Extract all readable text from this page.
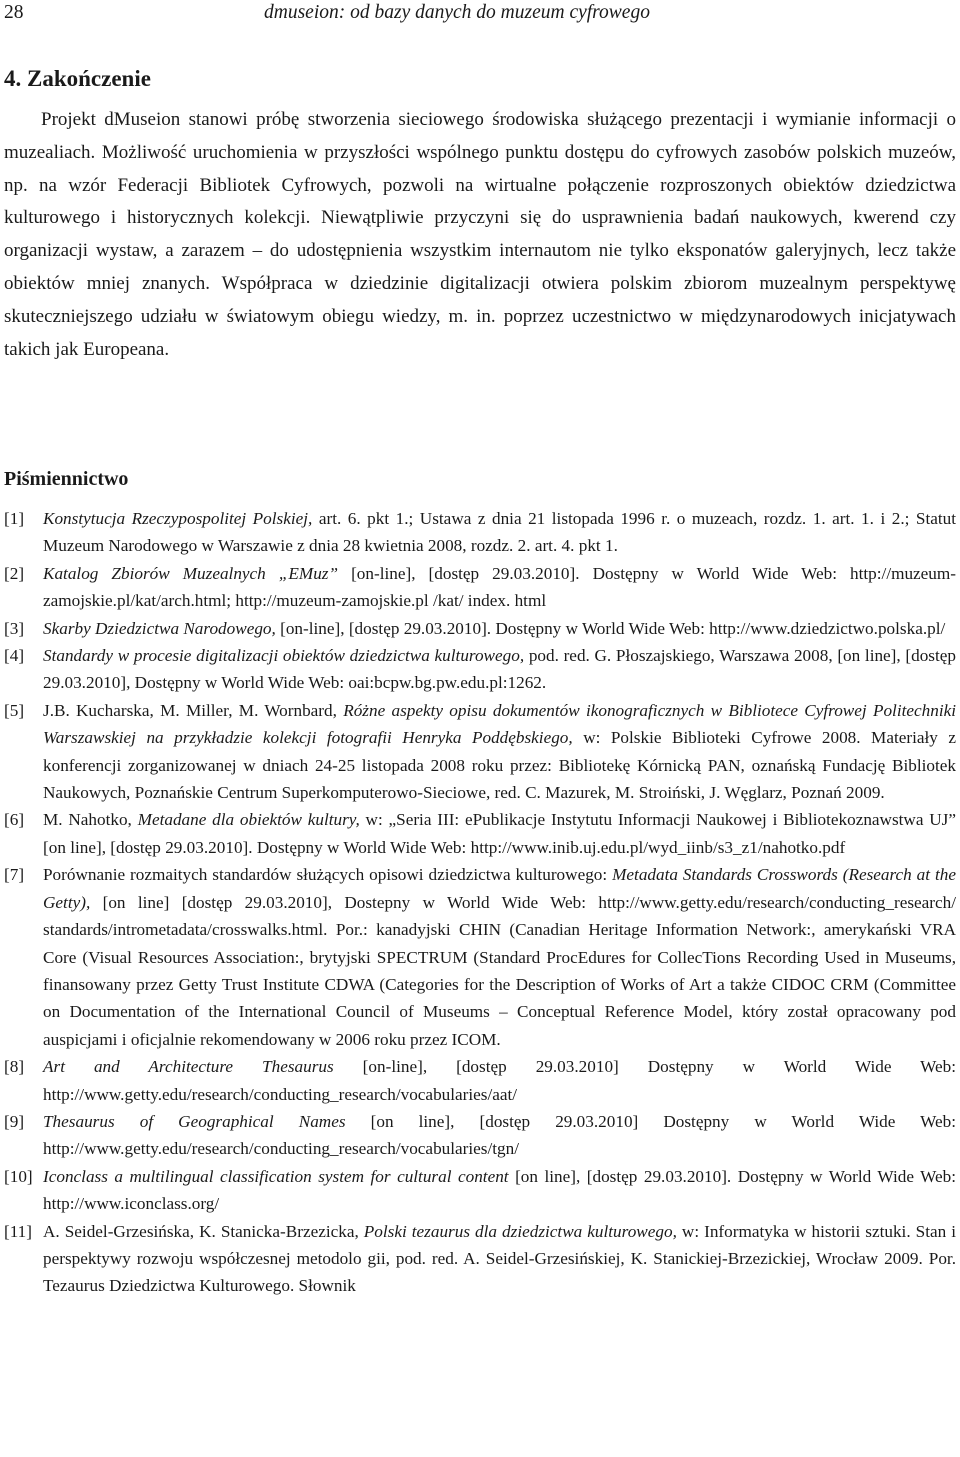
28	dmuseion: od bazy danych do muzeum cyfrowego
4. Zakończenie

Projekt dMuseion stanowi próbę stworzenia sieciowego środowiska służącego prezentacji i wymianie informacji o muzealiach. Możliwość uruchomienia w przyszłości wspólnego punktu dostępu do cyfrowych zasobów polskich muzeów, np. na wzór Federacji Bibliotek Cyfrowych, pozwoli na wirtualne połączenie rozproszonych obiektów dziedzictwa kulturowego i historycznych kolekcji. Niewątpliwie przyczyni się do usprawnienia badań naukowych, kwerend czy organizacji wystaw, a zarazem – do udostępnienia wszystkim internautom nie tylko eksponatów galeryjnych, lecz także obiektów mniej znanych. Współpraca w dziedzinie digitalizacji otwiera polskim zbiorom muzealnym perspektywę skuteczniejszego udziału w światowym obiegu wiedzy, m. in. poprzez uczestnictwo w międzynarodowych inicjatywach takich jak Europeana.

Piśmiennictwo
[1] Konstytucja Rzeczypospolitej Polskiej, art. 6. pkt 1.; Ustawa z dnia 21 listopada 1996 r. o muzeach, rozdz. 1. art. 1. i 2.; Statut Muzeum Narodowego w Warszawie z dnia 28 kwietnia 2008, rozdz. 2. art. 4. pkt 1.
[2] Katalog Zbiorów Muzealnych „EMuz” [on-line], [dostęp 29.03.2010]. Dostępny w World Wide Web: http://muzeum-zamojskie.pl/kat/arch.html; http://muzeum-zamojskie.pl /kat/ index. html
[3] Skarby Dziedzictwa Narodowego, [on-line], [dostęp 29.03.2010]. Dostępny w World Wide Web: http://www.dziedzictwo.polska.pl/
[4] Standardy w procesie digitalizacji obiektów dziedzictwa kulturowego, pod. red. G. Płoszajskiego, Warszawa 2008, [on line], [dostęp 29.03.2010], Dostępny w World Wide Web: oai:bcpw.bg.pw.edu.pl:1262.
[5] J.B. Kucharska, M. Miller, M. Wornbard, Różne aspekty opisu dokumentów ikonograficznych w Bibliotece Cyfrowej Politechniki Warszawskiej na przykładzie kolekcji fotografii Henryka Poddębskiego, w: Polskie Biblioteki Cyfrowe 2008. Materiały z konferencji zorganizowanej w dniach 24-25 listopada 2008 roku przez: Bibliotekę Kórnicką PAN, oznańską Fundację Bibliotek Naukowych, Poznańskie Centrum Superkomputerowo-Sieciowe, red. C. Mazurek, M. Stroiński, J. Węglarz, Poznań 2009.
[6] M. Nahotko, Metadane dla obiektów kultury, w: „Seria III: ePublikacje Instytutu Informacji Naukowej i Bibliotekoznawstwa UJ” [on line], [dostęp 29.03.2010]. Dostępny w World Wide Web: http://www.inib.uj.edu.pl/wyd_iinb/s3_z1/nahotko.pdf
[7] Porównanie rozmaitych standardów służących opisowi dziedzictwa kulturowego: Metadata Standards Crosswords (Research at the Getty), [on line] [dostęp 29.03.2010], Dostepny w World Wide Web: http://www.getty.edu/research/conducting_research/ standards/intrometadata/crosswalks.html. Por.: kanadyjski CHIN (Canadian Heritage Information Network:, amerykański VRA Core (Visual Resources Association:, brytyjski SPECTRUM (Standard ProcEdures for CollecTions Recording Used in Museums, finansowany przez Getty Trust Institute CDWA (Categories for the Description of Works of Art a także CIDOC CRM (Committee on Documentation of the International Council of Museums – Conceptual Reference Model, który został opracowany pod auspicjami i oficjalnie rekomendowany w 2006 roku przez ICOM.
[8] Art and Architecture Thesaurus [on-line], [dostęp 29.03.2010] Dostępny w World Wide Web: http://www.getty.edu/research/conducting_research/vocabularies/aat/
[9] Thesaurus of Geographical Names [on line], [dostęp 29.03.2010] Dostępny w World Wide Web: http://www.getty.edu/research/conducting_research/vocabularies/tgn/
[10] Iconclass a multilingual classification system for cultural content [on line], [dostęp 29.03.2010]. Dostępny w World Wide Web: http://www.iconclass.org/
[11] A. Seidel-Grzesińska, K. Stanicka-Brzezicka, Polski tezaurus dla dziedzictwa kulturowego, w: Informatyka w historii sztuki. Stan i perspektywy rozwoju współczesnej metodolo gii, pod. red. A. Seidel-Grzesińskiej, K. Stanickiej-Brzezickiej, Wrocław 2009. Por. Tezaurus Dziedzictwa Kulturowego. Słownik
